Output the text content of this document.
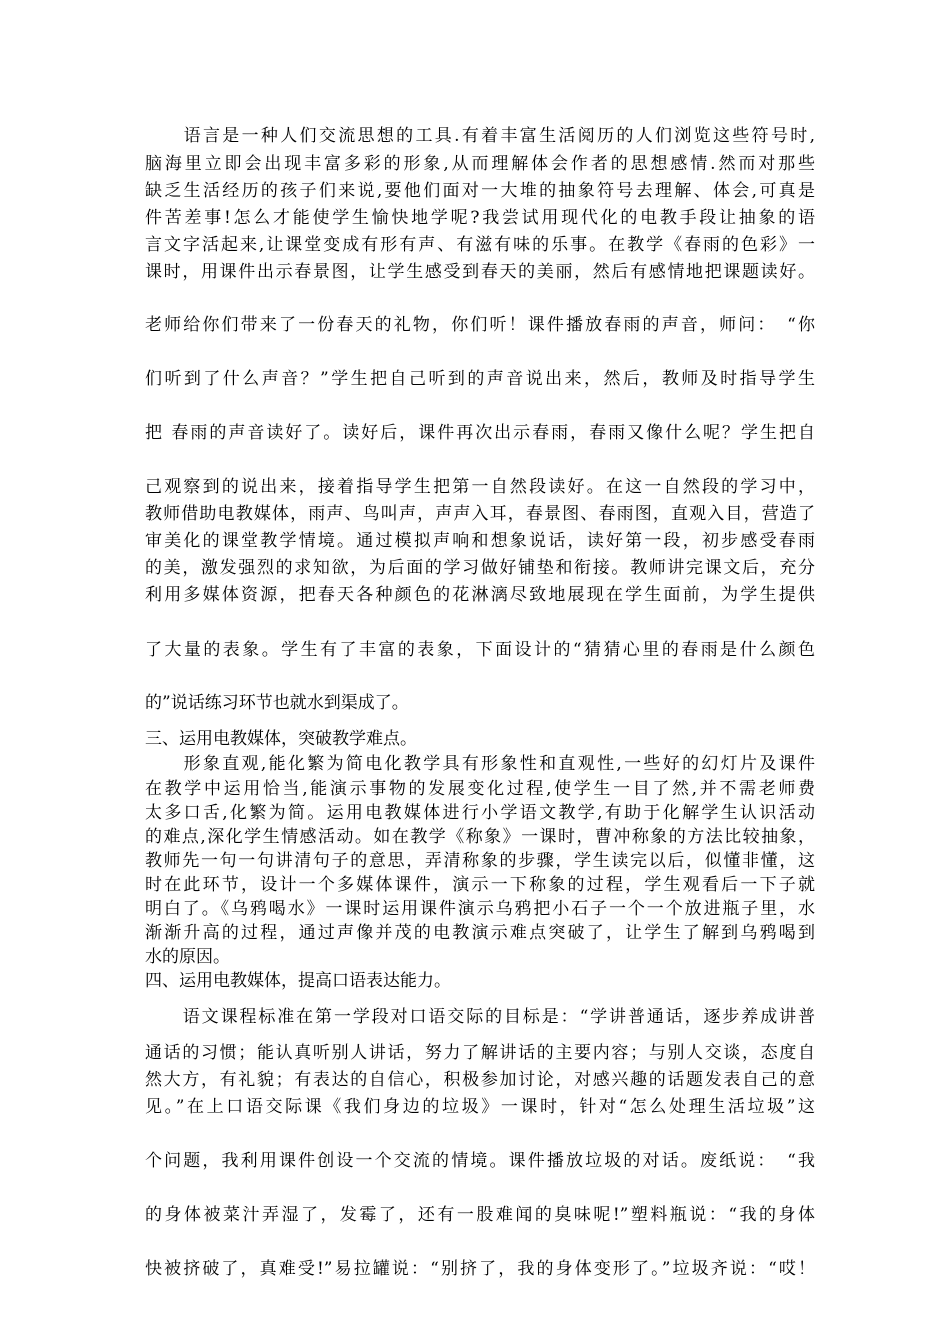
　　语言是一种人们交流思想的工具.有着丰富生活阅历的人们浏览这些符号时,
脑海里立即会出现丰富多彩的形象,从而理解体会作者的思想感情.然而对那些
缺乏生活经历的孩子们来说,要他们面对一大堆的抽象符号去理解、体会,可真是
件苦差事!怎么才能使学生愉快地学呢?我尝试用现代化的电教手段让抽象的语
言文字活起来,让课堂变成有形有声、有滋有味的乐事。在教学《春雨的色彩》一
课时，用课件出示春景图，让学生感受到春天的美丽，然后有感情地把课题读好。
老师给你们带来了一份春天的礼物，你们听！课件播放春雨的声音，师问：　“你
们听到了什么声音？”学生把自己听到的声音说出来，然后，教师及时指导学生
把 春雨的声音读好了。读好后，课件再次出示春雨，春雨又像什么呢？学生把自
己观察到的说出来，接着指导学生把第一自然段读好。在这一自然段的学习中，
教师借助电教媒体，雨声、鸟叫声，声声入耳，春景图、春雨图，直观入目，营造了
审美化的课堂教学情境。通过模拟声响和想象说话，读好第一段，初步感受春雨
的美，激发强烈的求知欲，为后面的学习做好铺垫和衔接。教师讲完课文后，充分
利用多媒体资源，把春天各种颜色的花淋漓尽致地展现在学生面前，为学生提供
了大量的表象。学生有了丰富的表象，下面设计的“猜猜心里的春雨是什么颜色
的”说话练习环节也就水到渠成了。
三、运用电教媒体，突破教学难点。
　　形象直观,能化繁为简电化教学具有形象性和直观性,一些好的幻灯片及课件
在教学中运用恰当,能演示事物的发展变化过程,使学生一目了然,并不需老师费
太多口舌,化繁为简。运用电教媒体进行小学语文教学,有助于化解学生认识活动
的难点,深化学生情感活动。如在教学《称象》一课时，曹冲称象的方法比较抽象，
教师先一句一句讲清句子的意思，弄清称象的步骤，学生读完以后，似懂非懂，这
时在此环节，设计一个多媒体课件，演示一下称象的过程，学生观看后一下子就
明白了。《乌鸦喝水》一课时运用课件演示乌鸦把小石子一个一个放进瓶子里，水
渐渐升高的过程，通过声像并茂的电教演示难点突破了，让学生了解到乌鸦喝到
水的原因。
四、运用电教媒体，提高口语表达能力。
　　语文课程标准在第一学段对口语交际的目标是：“学讲普通话，逐步养成讲普
通话的习惯；能认真听别人讲话，努力了解讲话的主要内容；与别人交谈，态度自
然大方，有礼貌；有表达的自信心，积极参加讨论，对感兴趣的话题发表自己的意
见。”在上口语交际课《我们身边的垃圾》一课时，针对“怎么处理生活垃圾”这
个问题，我利用课件创设一个交流的情境。课件播放垃圾的对话。废纸说：　“我
的身体被菜汁弄湿了，发霉了，还有一股难闻的臭味呢!”塑料瓶说：“我的身体
快被挤破了，真难受!”易拉罐说：“别挤了，我的身体变形了。”垃圾齐说：“哎！
